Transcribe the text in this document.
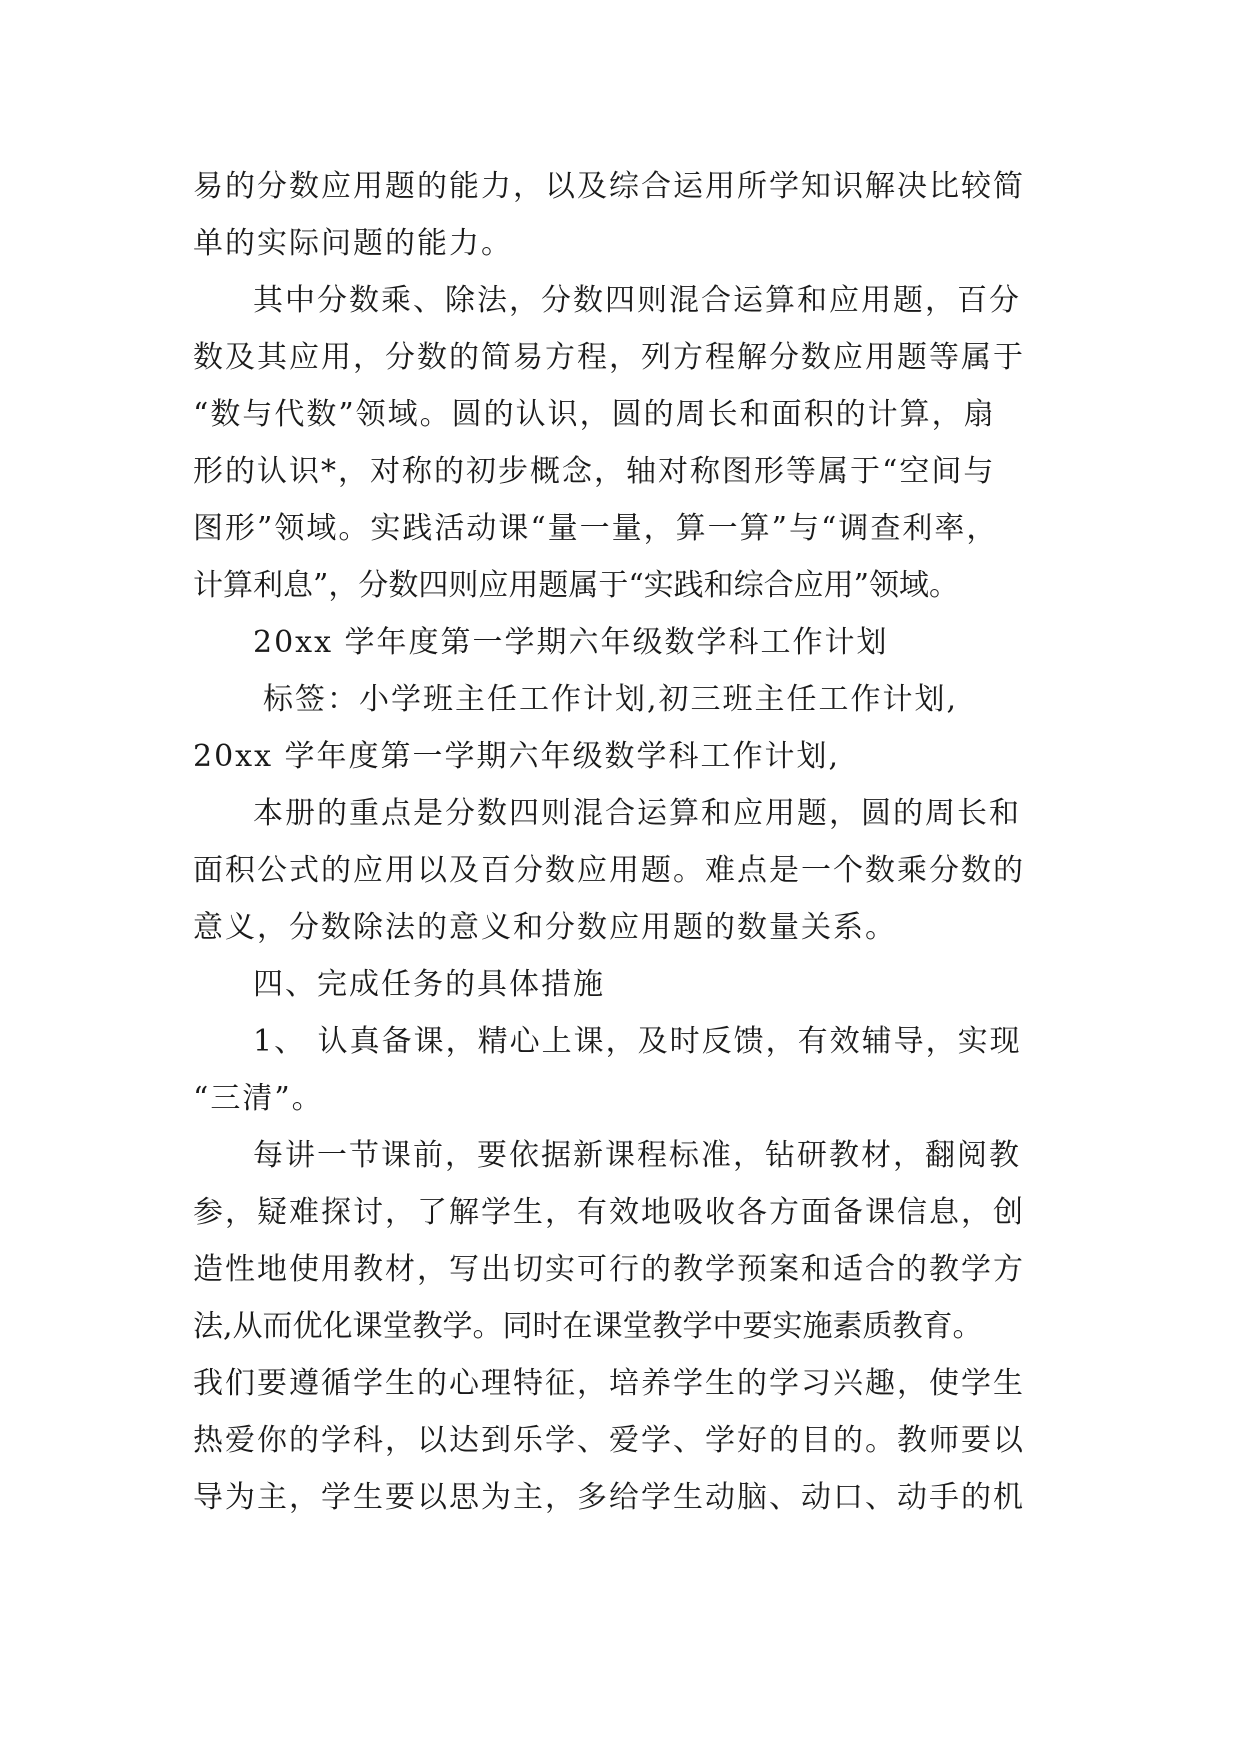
易的分数应用题的能力，以及综合运用所学知识解决比较简
单的实际问题的能力。
其中分数乘、除法，分数四则混合运算和应用题，百分
数及其应用，分数的简易方程，列方程解分数应用题等属于
“数与代数”领域。圆的认识，圆的周长和面积的计算，扇
形的认识*，对称的初步概念，轴对称图形等属于“空间与
图形”领域。实践活动课“量一量，算一算”与“调查利率，
计算利息”，分数四则应用题属于“实践和综合应用”领域。
20xx 学年度第一学期六年级数学科工作计划
标签：小学班主任工作计划,初三班主任工作计划,
20xx 学年度第一学期六年级数学科工作计划,
本册的重点是分数四则混合运算和应用题，圆的周长和
面积公式的应用以及百分数应用题。难点是一个数乘分数的
意义，分数除法的意义和分数应用题的数量关系。
四、完成任务的具体措施
1、 认真备课，精心上课，及时反馈，有效辅导，实现
“三清”。
每讲一节课前，要依据新课程标准，钻研教材，翻阅教
参，疑难探讨，了解学生，有效地吸收各方面备课信息，创
造性地使用教材，写出切实可行的教学预案和适合的教学方
法,从而优化课堂教学。同时在课堂教学中要实施素质教育。
我们要遵循学生的心理特征，培养学生的学习兴趣，使学生
热爱你的学科，以达到乐学、爱学、学好的目的。教师要以
导为主，学生要以思为主，多给学生动脑、动口、动手的机
